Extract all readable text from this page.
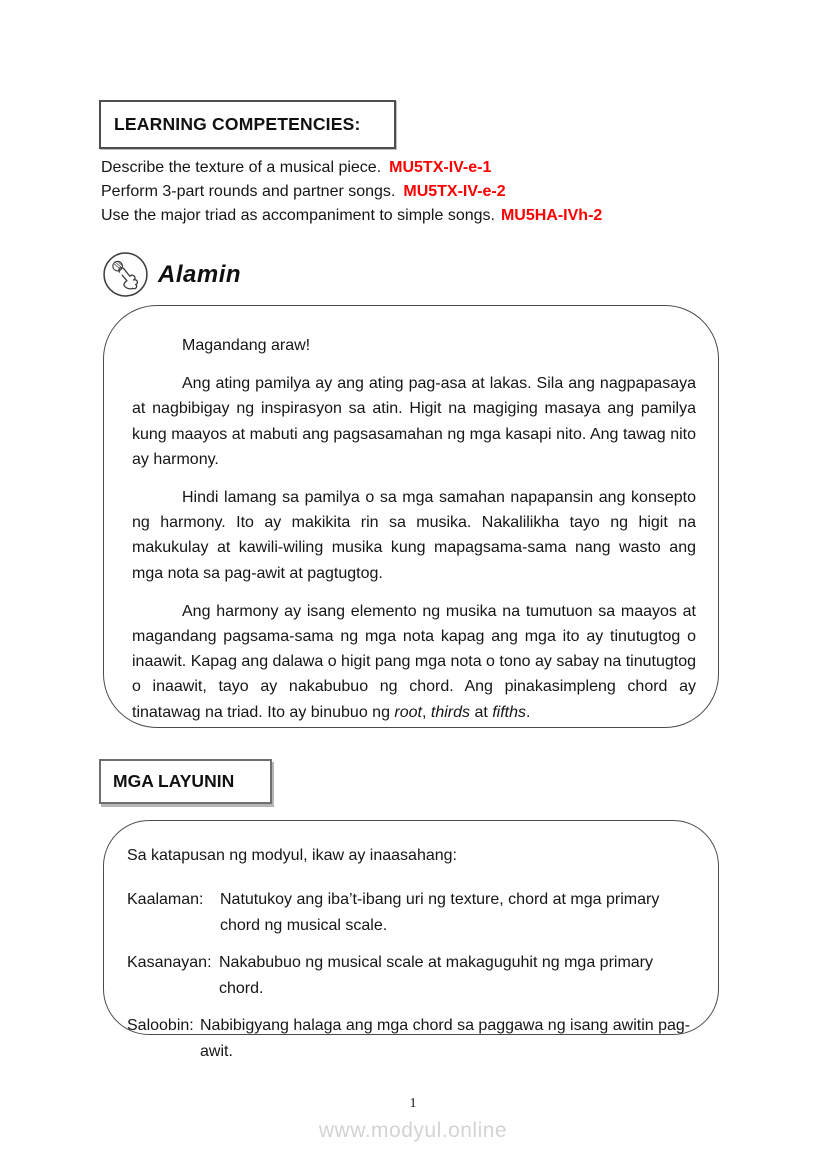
LEARNING COMPETENCIES:
Describe the texture of a musical piece. MU5TX-IV-e-1
Perform 3-part rounds and partner songs. MU5TX-IV-e-2
Use the major triad as accompaniment to simple songs. MU5HA-IVh-2
Alamin

Magandang araw!

Ang ating pamilya ay ang ating pag-asa at lakas. Sila ang nagpapasaya at nagbibigay ng inspirasyon sa atin. Higit na magiging masaya ang pamilya kung maayos at mabuti ang pagsasamahan ng mga kasapi nito. Ang tawag nito ay harmony.

Hindi lamang sa pamilya o sa mga samahan napapansin ang konsepto ng harmony. Ito ay makikita rin sa musika. Nakalilikha tayo ng higit na makukulay at kawili-wiling musika kung mapagsama-sama nang wasto ang mga nota sa pag-awit at pagtugtog.

Ang harmony ay isang elemento ng musika na tumutuon sa maayos at magandang pagsama-sama ng mga nota kapag ang mga ito ay tinutugtog o inaawit. Kapag ang dalawa o higit pang mga nota o tono ay sabay na tinutugtog o inaawit, tayo ay nakabubuo ng chord. Ang pinakasimpleng chord ay tinatawag na triad. Ito ay binubuo ng root, thirds at fifths.

MGA LAYUNIN

Sa katapusan ng modyul, ikaw ay inaasahang:

Kaalaman:	Natutukoy ang iba’t-ibang uri ng texture, chord at mga primary chord ng musical scale.
Kasanayan: Nakabubuo ng musical scale at makaguguhit ng mga primary chord.
Saloobin: Nabibigyang halaga ang mga chord sa paggawa ng isang awitin pag-awit.
1
www.modyul.online
